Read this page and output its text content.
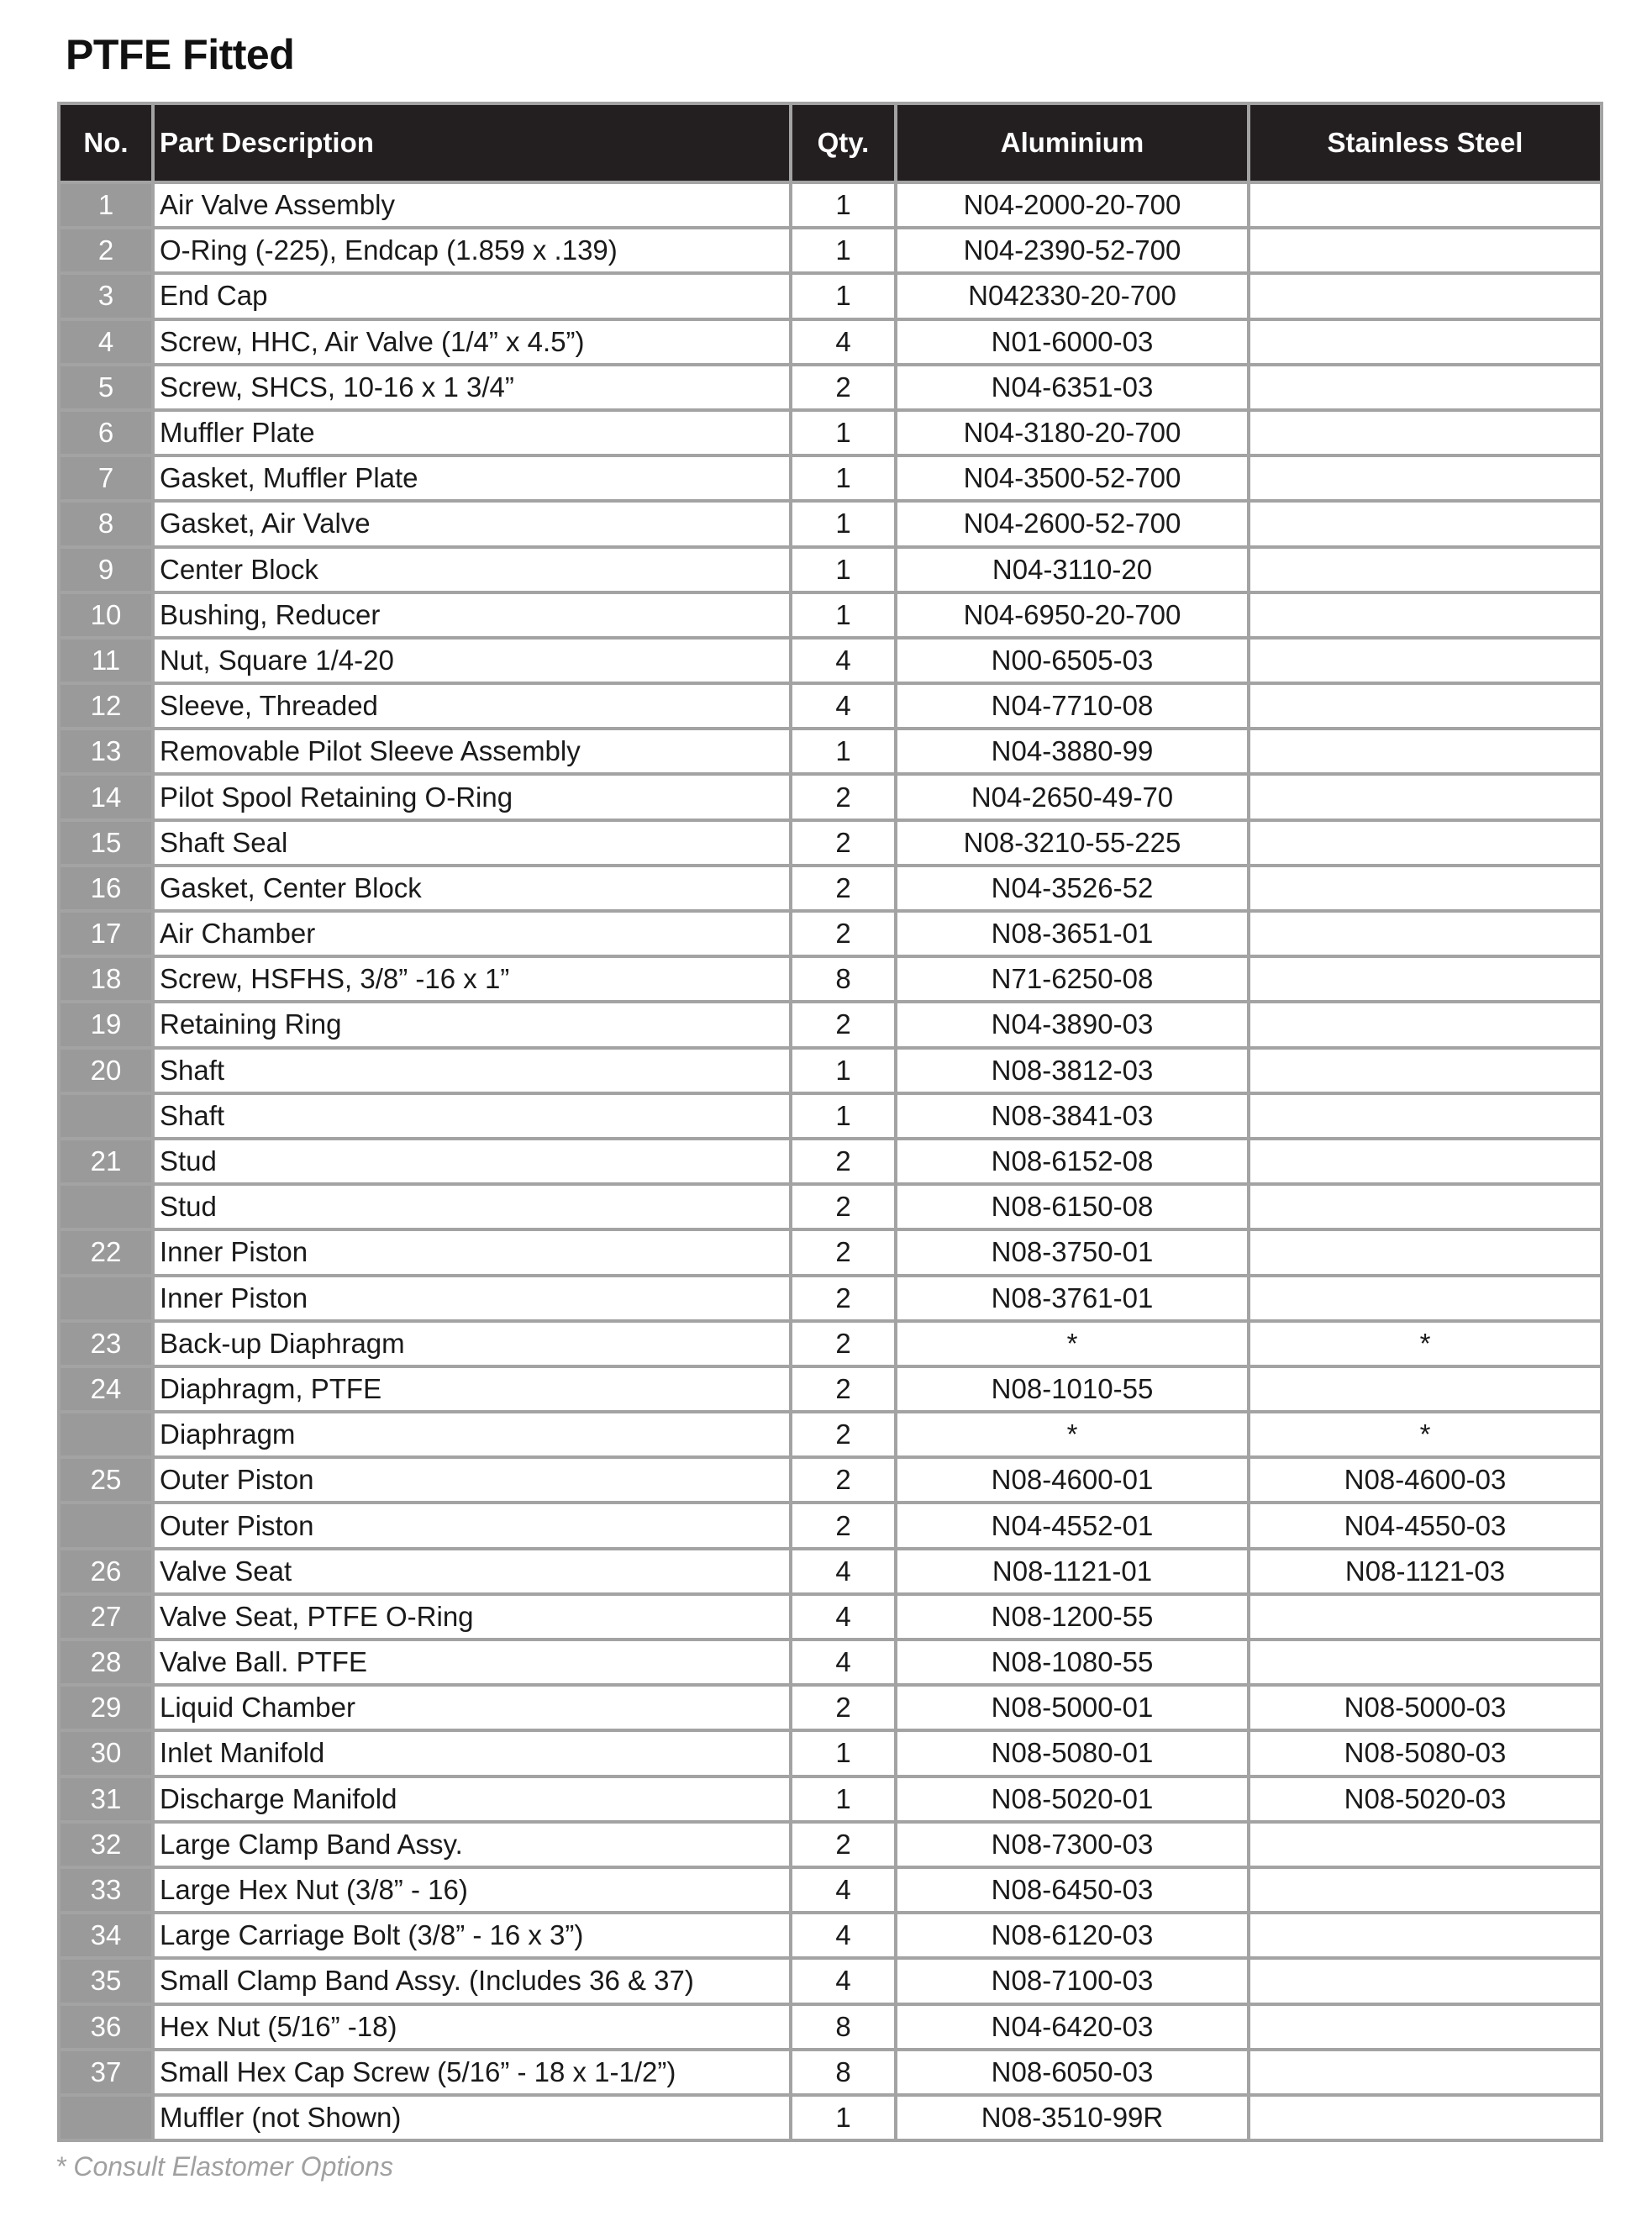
PTFE Fitted
No.	Part Description	Qty.	Aluminium	Stainless Steel
1	Air Valve Assembly	1	N04-2000-20-700	
2	O-Ring (-225), Endcap (1.859 x .139)	1	N04-2390-52-700	
3	End Cap	1	N042330-20-700	
4	Screw, HHC, Air Valve (1/4” x 4.5”)	4	N01-6000-03	
5	Screw, SHCS, 10-16 x 1 3/4”	2	N04-6351-03	
6	Muffler Plate	1	N04-3180-20-700	
7	Gasket, Muffler Plate	1	N04-3500-52-700	
8	Gasket, Air Valve	1	N04-2600-52-700	
9	Center Block	1	N04-3110-20	
10	Bushing, Reducer	1	N04-6950-20-700	
11	Nut, Square 1/4-20	4	N00-6505-03	
12	Sleeve, Threaded	4	N04-7710-08	
13	Removable Pilot Sleeve Assembly	1	N04-3880-99	
14	Pilot Spool Retaining O-Ring	2	N04-2650-49-70	
15	Shaft Seal	2	N08-3210-55-225	
16	Gasket, Center Block	2	N04-3526-52	
17	Air Chamber	2	N08-3651-01	
18	Screw, HSFHS, 3/8” -16 x 1”	8	N71-6250-08	
19	Retaining Ring	2	N04-3890-03	
20	Shaft	1	N08-3812-03	
	Shaft	1	N08-3841-03	
21	Stud	2	N08-6152-08	
	Stud	2	N08-6150-08	
22	Inner Piston	2	N08-3750-01	
	Inner Piston	2	N08-3761-01	
23	Back-up Diaphragm	2	*	*
24	Diaphragm, PTFE	2	N08-1010-55	
	Diaphragm	2	*	*
25	Outer Piston	2	N08-4600-01	N08-4600-03
	Outer Piston	2	N04-4552-01	N04-4550-03
26	Valve Seat	4	N08-1121-01	N08-1121-03
27	Valve Seat, PTFE O-Ring	4	N08-1200-55	
28	Valve Ball. PTFE	4	N08-1080-55	
29	Liquid Chamber	2	N08-5000-01	N08-5000-03
30	Inlet Manifold	1	N08-5080-01	N08-5080-03
31	Discharge Manifold	1	N08-5020-01	N08-5020-03
32	Large Clamp Band Assy.	2	N08-7300-03	
33	Large Hex Nut (3/8” - 16)	4	N08-6450-03	
34	Large Carriage Bolt (3/8” - 16 x 3”)	4	N08-6120-03	
35	Small Clamp Band Assy. (Includes 36 & 37)	4	N08-7100-03	
36	Hex Nut (5/16” -18)	8	N04-6420-03	
37	Small Hex Cap Screw (5/16” - 18 x 1-1/2”)	8	N08-6050-03	
	Muffler (not Shown)	1	N08-3510-99R	
* Consult Elastomer Options
